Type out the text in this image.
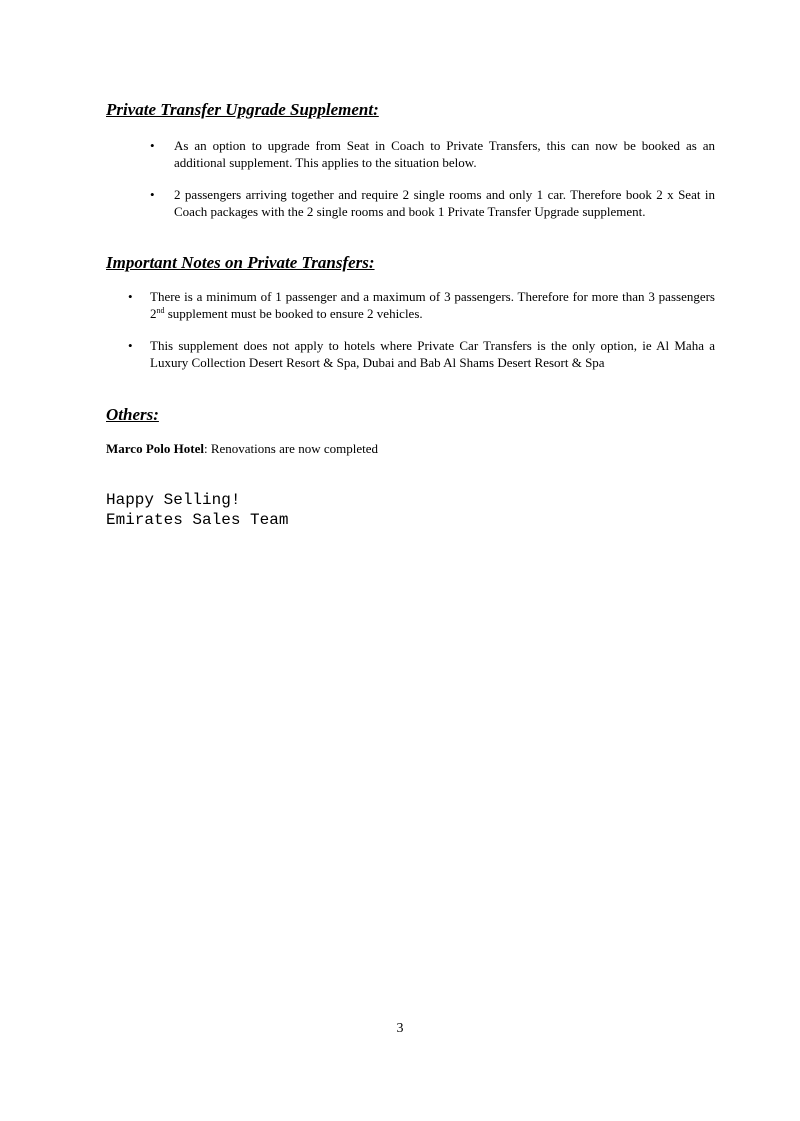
Private Transfer Upgrade Supplement:
• As an option to upgrade from Seat in Coach to Private Transfers, this can now be booked as an additional supplement. This applies to the situation below.
• 2 passengers arriving together and require 2 single rooms and only 1 car. Therefore book 2 x Seat in Coach packages with the 2 single rooms and book 1 Private Transfer Upgrade supplement.
Important Notes on Private Transfers:
• There is a minimum of 1 passenger and a maximum of 3 passengers. Therefore for more than 3 passengers 2nd supplement must be booked to ensure 2 vehicles.
• This supplement does not apply to hotels where Private Car Transfers is the only option, ie Al Maha a Luxury Collection Desert Resort & Spa, Dubai and Bab Al Shams Desert Resort & Spa
Others:

Marco Polo Hotel: Renovations are now completed

Happy Selling!
Emirates Sales Team

3
